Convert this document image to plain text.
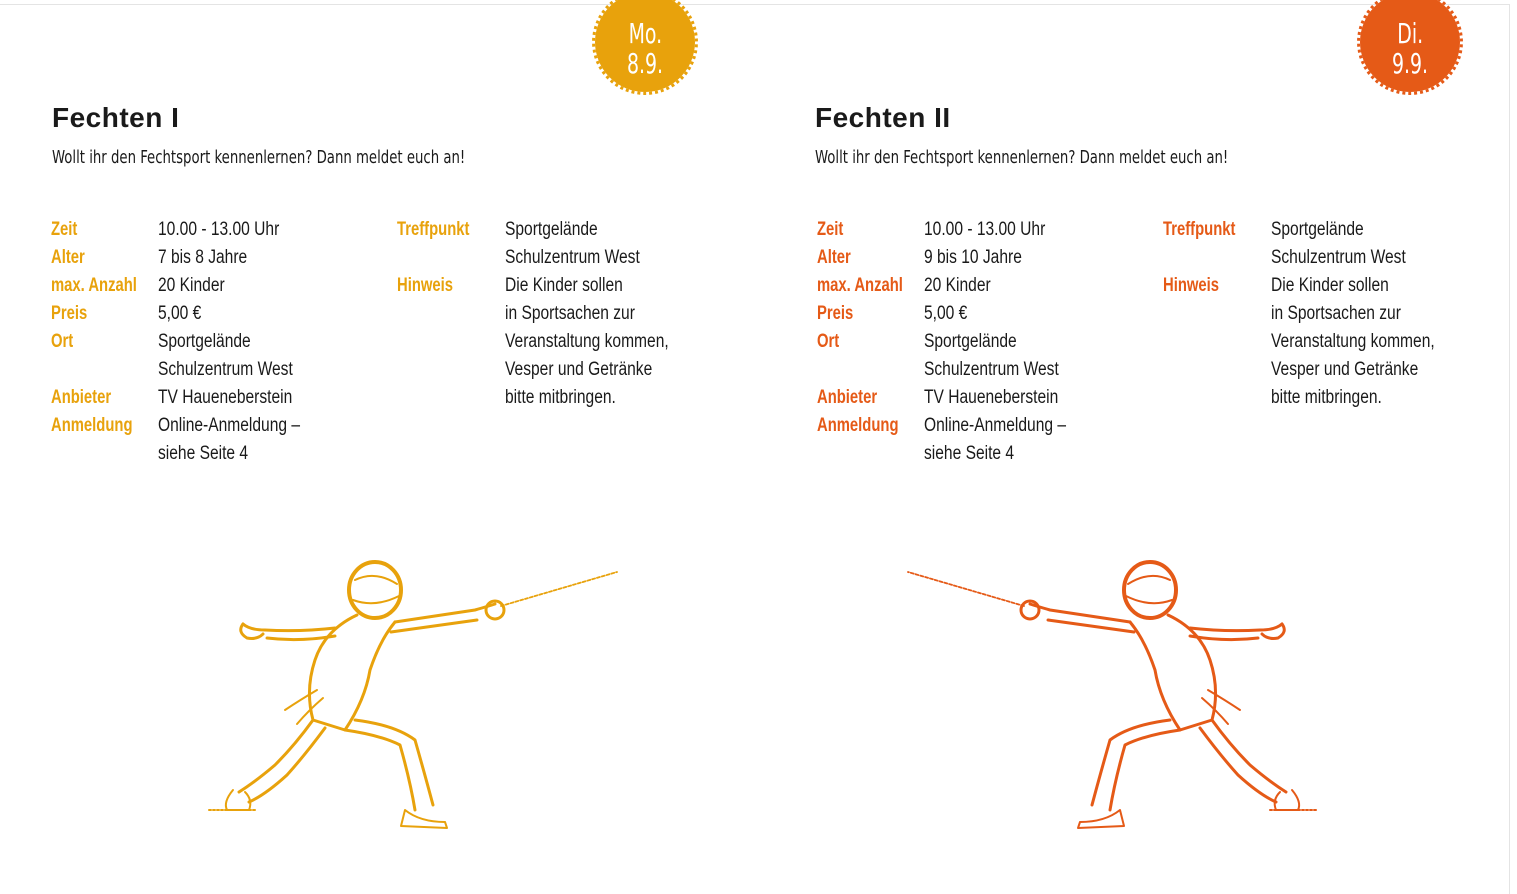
Mo.
8.9.
Di.
9.9.
Fechten I
Wollt ihr den Fechtsport kennenlernen? Dann meldet euch an!
Fechten II
Wollt ihr den Fechtsport kennenlernen? Dann meldet euch an!
Zeit	10.00 - 13.00 Uhr
Alter	7 bis 8 Jahre
max. Anzahl	20 Kinder
Preis	5,00 €
Ort	Sportgelände
Schulzentrum West
Anbieter	TV Haueneberstein
Anmeldung	Online-Anmeldung –
siehe Seite 4
Treffpunkt	Sportgelände
Schulzentrum West
Hinweis	Die Kinder sollen
in Sportsachen zur
Veranstaltung kommen,
Vesper und Getränke
bitte mitbringen.
Zeit	10.00 - 13.00 Uhr
Alter	9 bis 10 Jahre
max. Anzahl	20 Kinder
Preis	5,00 €
Ort	Sportgelände
Schulzentrum West
Anbieter	TV Haueneberstein
Anmeldung	Online-Anmeldung –
siehe Seite 4
Treffpunkt	Sportgelände
Schulzentrum West
Hinweis	Die Kinder sollen
in Sportsachen zur
Veranstaltung kommen,
Vesper und Getränke
bitte mitbringen.
